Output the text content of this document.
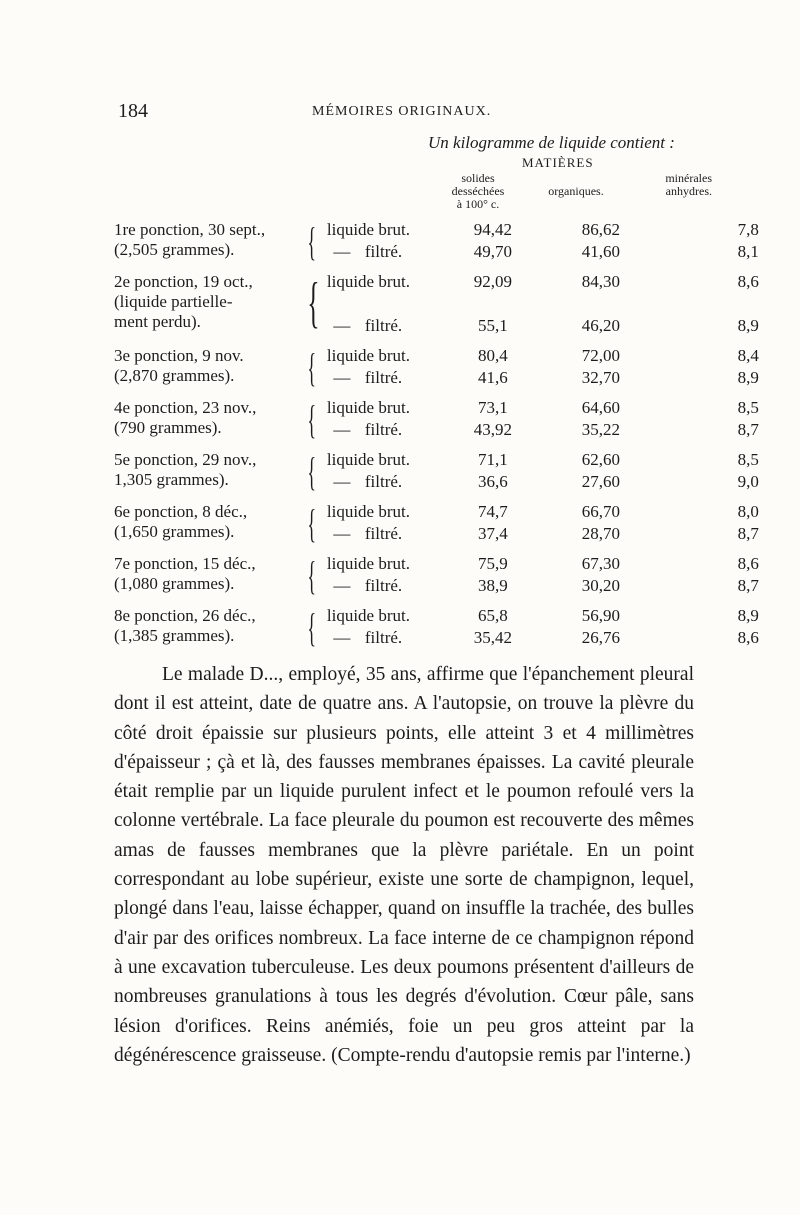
184	MÉMOIRES ORIGINAUX.
Un kilogramme de liquide contient :
MATIÈRES
solides
desséchées
à 100° c.
organiques.
minérales
anhydres.
1re ponction, 30 sept.,
(2,505 grammes).	{	liquide brut.	94,42	86,62	7,8
		— filtré.	49,70	41,60	8,1

2e ponction, 19 oct.,
(liquide partielle-
ment perdu).	{	liquide brut.	92,09	84,30	8,6
		— filtré.	55,1	46,20	8,9

3e ponction, 9 nov.
(2,870 grammes).	{	liquide brut.	80,4	72,00	8,4
		— filtré.	41,6	32,70	8,9

4e ponction, 23 nov.,
(790 grammes).	{	liquide brut.	73,1	64,60	8,5
		— filtré.	43,92	35,22	8,7

5e ponction, 29 nov.,
1,305 grammes).	{	liquide brut.	71,1	62,60	8,5
		— filtré.	36,6	27,60	9,0

6e ponction, 8 déc.,
(1,650 grammes).	{	liquide brut.	74,7	66,70	8,0
		— filtré.	37,4	28,70	8,7

7e ponction, 15 déc.,
(1,080 grammes).	{	liquide brut.	75,9	67,30	8,6
		— filtré.	38,9	30,20	8,7

8e ponction, 26 déc.,
(1,385 grammes).	{	liquide brut.	65,8	56,90	8,9
		— filtré.	35,42	26,76	8,6

Le malade D..., employé, 35 ans, affirme que l'épanchement pleural dont il est atteint, date de quatre ans. A l'autopsie, on trouve la plèvre du côté droit épaissie sur plusieurs points, elle atteint 3 et 4 millimètres d'épaisseur ; çà et là, des fausses membranes épaisses. La cavité pleurale était remplie par un liquide purulent infect et le poumon refoulé vers la colonne vertébrale. La face pleurale du poumon est recouverte des mêmes amas de fausses membranes que la plèvre pariétale. En un point correspondant au lobe supérieur, existe une sorte de champignon, lequel, plongé dans l'eau, laisse échapper, quand on insuffle la trachée, des bulles d'air par des orifices nombreux. La face interne de ce champignon répond à une excavation tuberculeuse. Les deux poumons présentent d'ailleurs de nombreuses granulations à tous les degrés d'évolution. Cœur pâle, sans lésion d'orifices. Reins anémiés, foie un peu gros atteint par la dégénérescence graisseuse. (Compte-rendu d'autopsie remis par l'interne.)
